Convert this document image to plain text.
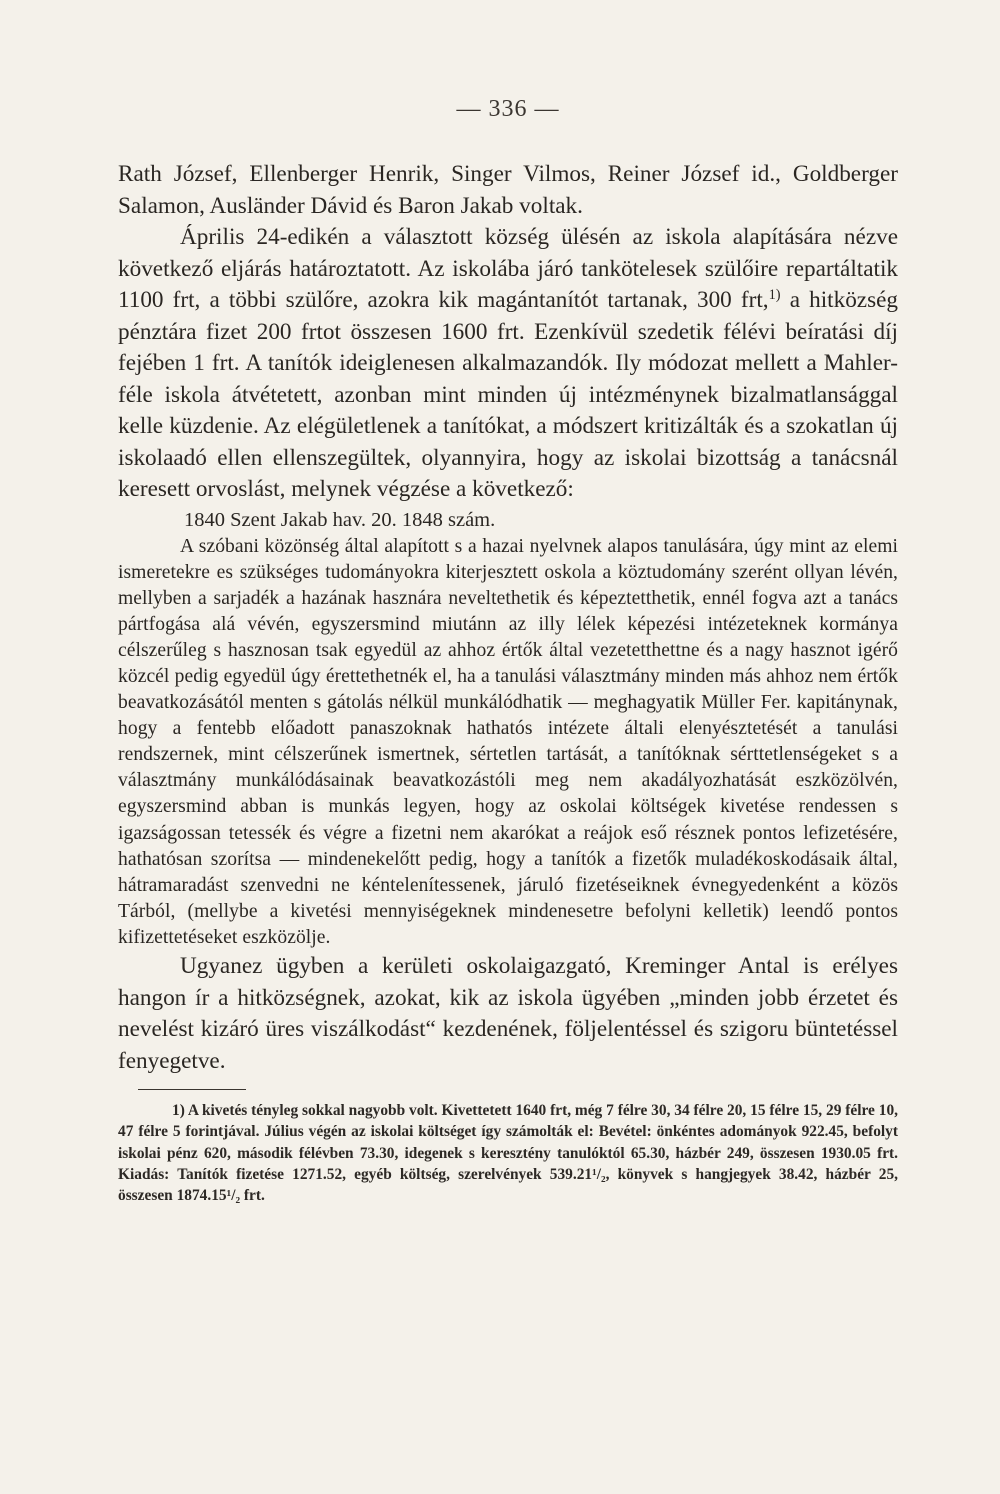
— 336 —

Rath József, Ellenberger Henrik, Singer Vilmos, Reiner József id., Goldberger Salamon, Ausländer Dávid és Baron Jakab voltak.

Április 24-edikén a választott község ülésén az iskola alapítására nézve következő eljárás határoztatott. Az iskolába járó tankötelesek szülőire repartáltatik 1100 frt, a többi szülőre, azokra kik magántanítót tartanak, 300 frt,$^{1)}$ a hitközség pénztára fizet 200 frtot összesen 1600 frt. Ezenkívül szedetik félévi beíratási díj fejében 1 frt. A tanítók ideiglenesen alkalmazandók. Ily módozat mellett a Mahler-féle iskola átvétetett, azonban mint minden új intézménynek bizalmatlansággal kelle küzdenie. Az elégületlenek a tanítókat, a módszert kritizálták és a szokatlan új iskolaadó ellen ellenszegültek, olyannyira, hogy az iskolai bizottság a tanácsnál keresett orvoslást, melynek végzése a következő:

1840 Szent Jakab hav. 20. 1848 szám.

A szóbani közönség által alapított s a hazai nyelvnek alapos tanulására, úgy mint az elemi ismeretekre es szükséges tudományokra kiterjesztett oskola a köztudomány szerént ollyan lévén, mellyben a sarjadék a hazának hasznára neveltethetik és képeztetthetik, ennél fogva azt a tanács pártfogása alá vévén, egyszersmind miutánn az illy lélek képezési intézeteknek kormánya célszerűleg s hasznosan tsak egyedül az ahhoz értők által vezetetthettne és a nagy hasznot igérő közcél pedig egyedül úgy érettethetnék el, ha a tanulási választmány minden más ahhoz nem értők beavatkozásától menten s gátolás nélkül munkálódhatik — meghagyatik Müller Fer. kapitánynak, hogy a fentebb előadott panaszoknak hathatós intézete általi elenyésztetését a tanulási rendszernek, mint célszerűnek ismertnek, sértetlen tartását, a tanítóknak sérttetlenségeket s a választmány munkálódásainak beavatkozástóli meg nem akadályozhatását eszközölvén, egyszersmind abban is munkás legyen, hogy az oskolai költségek kivetése rendessen s igazságossan tetessék és végre a fizetni nem akarókat a reájok eső résznek pontos lefizetésére, hathatósan szorítsa — mindenekelőtt pedig, hogy a tanítók a fizetők muladékoskodásaik által, hátramaradást szenvedni ne kéntelenítessenek, járuló fizetéseiknek évnegyedenként a közös Tárból, (mellybe a kivetési mennyiségeknek mindenesetre befolyni kelletik) leendő pontos kifizettetéseket eszközölje.

Ugyanez ügyben a kerületi oskolaigazgató, Kreminger Antal is erélyes hangon ír a hitközségnek, azokat, kik az iskola ügyében „minden jobb érzetet és nevelést kizáró üres viszálkodást“ kezdenének, följelentéssel és szigoru büntetéssel fenyegetve.

1) A kivetés tényleg sokkal nagyobb volt. Kivettetett 1640 frt, még 7 félre 30, 34 félre 20, 15 félre 15, 29 félre 10, 47 félre 5 forintjával. Július végén az iskolai költséget így számolták el: Bevétel: önkéntes adományok 922.45, befolyt iskolai pénz 620, második félévben 73.30, idegenek s keresztény tanulóktól 65.30, házbér 249, összesen 1930.05 frt. Kiadás: Tanítók fizetése 1271.52, egyéb költség, szerelvények 539.21¹/₂, könyvek s hangjegyek 38.42, házbér 25, összesen 1874.15¹/₂ frt.
